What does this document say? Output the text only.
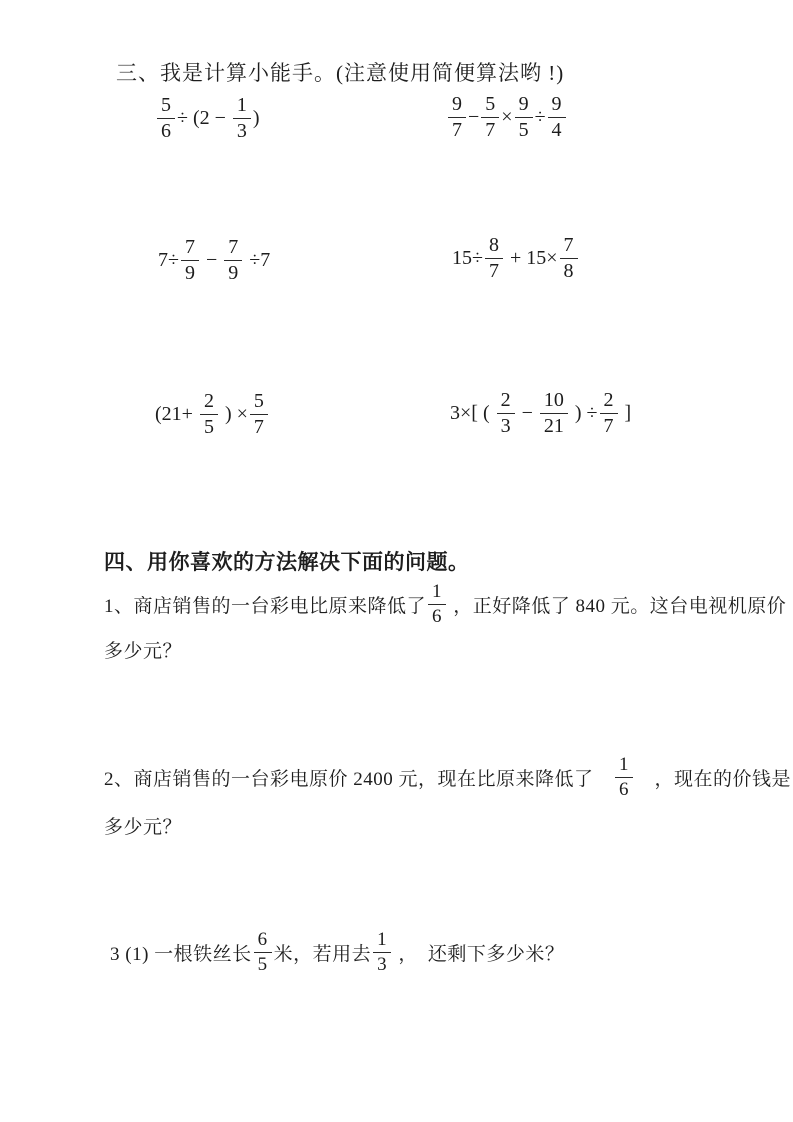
三、我是计算小能手。(注意使用简便算法哟 !)
$\frac{5}{6} \div (2 - \frac{1}{3}$ )	$\frac{9}{7} - \frac{5}{7} \times \frac{9}{5} \div \frac{9}{4}$
$7\div \frac{7}{9} - \frac{7}{9} \div 7$	$15\div \frac{8}{7} + 15\times \frac{7}{8}$
($21+ \frac{2}{5}$ ) × $\frac{5}{7}$	3×[ ( $\frac{2}{3} - \frac{10}{21}$ ) ÷ $\frac{2}{7}$ ]
四、用你喜欢的方法解决下面的问题。
1、商店销售的一台彩电比原来降低了 $\frac{1}{6}$ ，正好降低了 840 元。这台电视机原价
多少元？
2、商店销售的一台彩电原价 2400 元，现在比原来降低了　 $\frac{1}{6}$ 　，现在的价钱是
多少元？
3 (1) 一根铁丝长 $\frac{6}{5}$ 米，若用去 $\frac{1}{3}$ ，　还剩下多少米？
